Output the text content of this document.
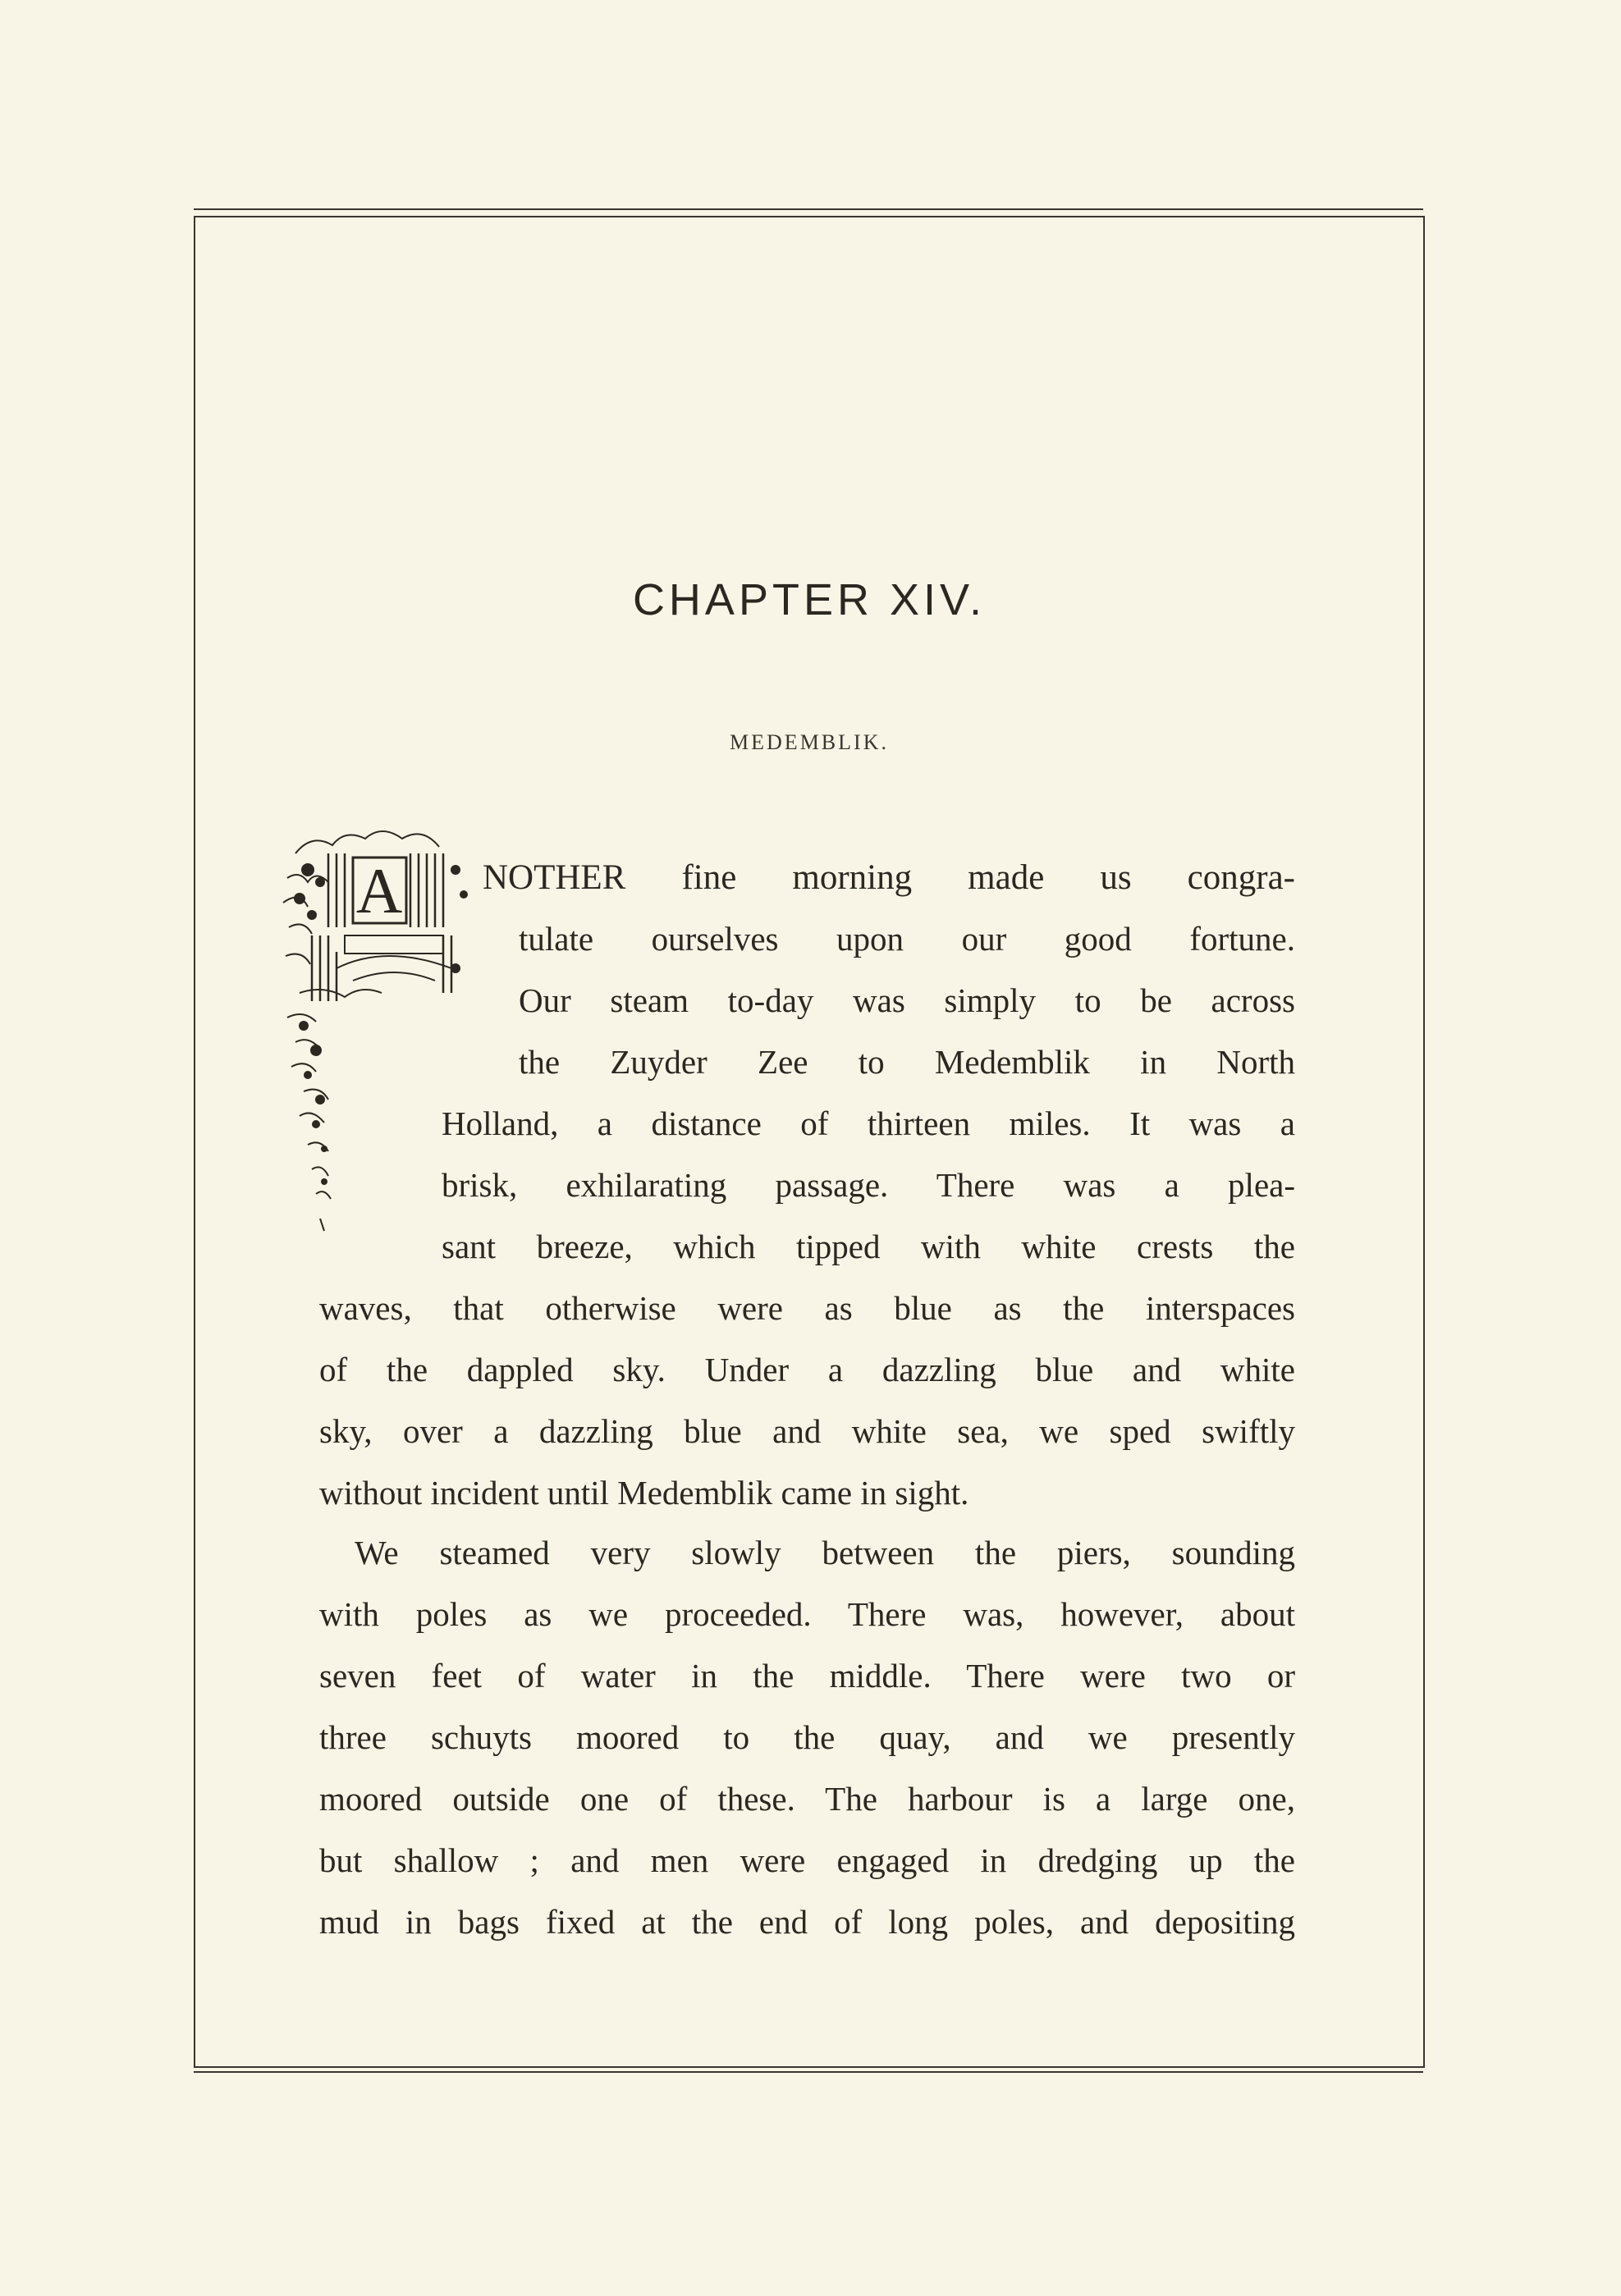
CHAPTER XIV.
MEDEMBLIK.
A NOTHER fine morning made us congra-
tulate ourselves upon our good fortune.
Our steam to-day was simply to be across
the Zuyder Zee to Medemblik in North
Holland, a distance of thirteen miles. It was a
brisk, exhilarating passage. There was a plea-
sant breeze, which tipped with white crests the
waves, that otherwise were as blue as the interspaces
of the dappled sky. Under a dazzling blue and white
sky, over a dazzling blue and white sea, we sped swiftly
without incident until Medemblik came in sight.
We steamed very slowly between the piers, sounding
with poles as we proceeded. There was, however, about
seven feet of water in the middle. There were two or
three schuyts moored to the quay, and we presently
moored outside one of these. The harbour is a large one,
but shallow ; and men were engaged in dredging up the
mud in bags fixed at the end of long poles, and depositing
